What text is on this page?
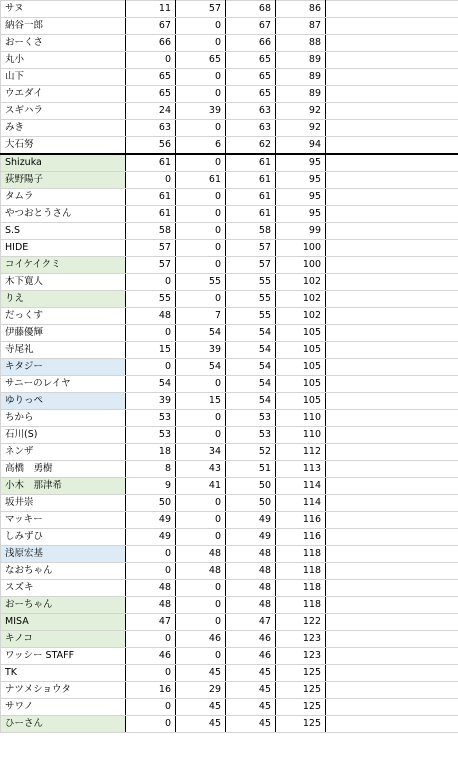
サヌ	11	57	68	86	
納谷一郎	67	0	67	87	
おーくさ	66	0	66	88	
丸小	0	65	65	89	
山下	65	0	65	89	
ウエダイ	65	0	65	89	
スギハラ	24	39	63	92	
みき	63	0	63	92	
大石努	56	6	62	94	
Shizuka	61	0	61	95	
荻野陽子	0	61	61	95	
タムラ	61	0	61	95	
やつおとうさん	61	0	61	95	
S.S	58	0	58	99	
HIDE	57	0	57	100	
コイケイクミ	57	0	57	100	
木下寛人	0	55	55	102	
りえ	55	0	55	102	
だっくす	48	7	55	102	
伊藤優輝	0	54	54	105	
寺尾礼	15	39	54	105	
キタジー	0	54	54	105	
サニーのレイヤ	54	0	54	105	
ゆりっぺ	39	15	54	105	
ちから	53	0	53	110	
石川(S)	53	0	53	110	
ネンザ	18	34	52	112	
高橋　勇樹	8	43	51	113	
小木　那津希	9	41	50	114	
坂井崇	50	0	50	114	
マッキー	49	0	49	116	
しみずひ	49	0	49	116	
浅原宏基	0	48	48	118	
なおちゃん	0	48	48	118	
スズキ	48	0	48	118	
おーちゃん	48	0	48	118	
MISA	47	0	47	122	
キノコ	0	46	46	123	
ワッシー STAFF	46	0	46	123	
TK	0	45	45	125	
ナツメショウタ	16	29	45	125	
サワノ	0	45	45	125	
ひーさん	0	45	45	125	
